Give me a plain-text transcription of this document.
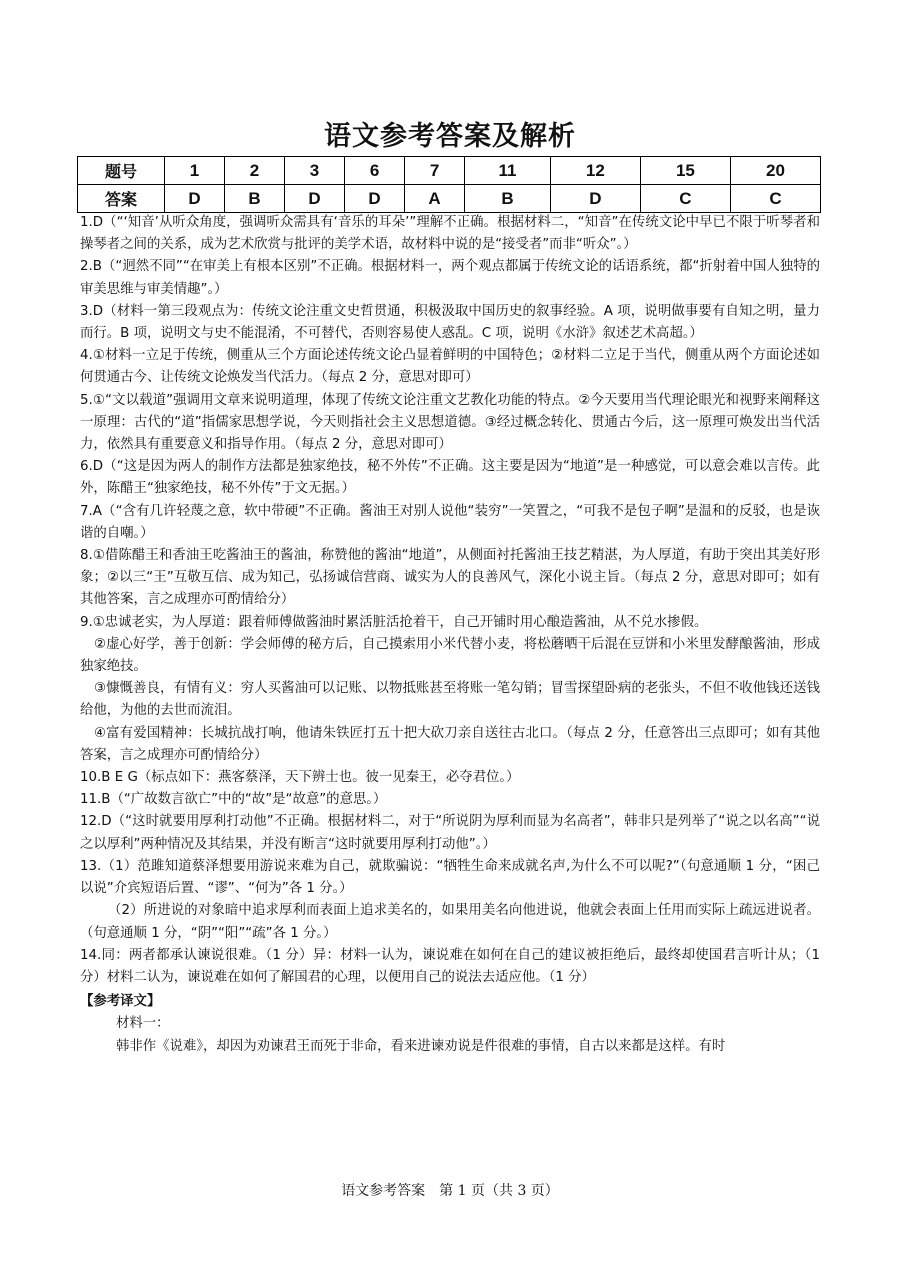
语文参考答案及解析
题号	1	2	3	6	7	11	12	15	20
答案	D	B	D	D	A	B	D	C	C

1.D（“‘知音’从听众角度，强调听众需具有‘音乐的耳朵’”理解不正确。根据材料二，“知音”在传统文论中早已不限于听琴者和操琴者之间的关系，成为艺术欣赏与批评的美学术语，故材料中说的是“接受者”而非“听众”。）

2.B（“迥然不同”“在审美上有根本区别”不正确。根据材料一，两个观点都属于传统文论的话语系统，都“折射着中国人独特的审美思维与审美情趣”。）

3.D（材料一第三段观点为：传统文论注重文史哲贯通，积极汲取中国历史的叙事经验。A 项，说明做事要有自知之明，量力而行。B 项，说明文与史不能混淆，不可替代，否则容易使人惑乱。C 项，说明《水浒》叙述艺术高超。）

4.①材料一立足于传统，侧重从三个方面论述传统文论凸显着鲜明的中国特色；②材料二立足于当代，侧重从两个方面论述如何贯通古今、让传统文论焕发当代活力。（每点 2 分，意思对即可）

5.①“文以载道”强调用文章来说明道理，体现了传统文论注重文艺教化功能的特点。②今天要用当代理论眼光和视野来阐释这一原理：古代的“道”指儒家思想学说，今天则指社会主义思想道德。③经过概念转化、贯通古今后，这一原理可焕发出当代活力，依然具有重要意义和指导作用。（每点 2 分，意思对即可）

6.D（“这是因为两人的制作方法都是独家绝技，秘不外传”不正确。这主要是因为“地道”是一种感觉，可以意会难以言传。此外，陈醋王“独家绝技，秘不外传”于文无据。）

7.A（“含有几许轻蔑之意，软中带硬”不正确。酱油王对别人说他“装穷”一笑置之，“可我不是包子啊”是温和的反驳，也是诙谐的自嘲。）

8.①借陈醋王和香油王吃酱油王的酱油，称赞他的酱油“地道”，从侧面衬托酱油王技艺精湛，为人厚道，有助于突出其美好形象；②以三“王”互敬互信、成为知己，弘扬诚信营商、诚实为人的良善风气，深化小说主旨。（每点 2 分，意思对即可；如有其他答案，言之成理亦可酌情给分）

9.①忠诚老实，为人厚道：跟着师傅做酱油时累活脏活抢着干，自己开铺时用心酿造酱油，从不兑水掺假。

②虚心好学，善于创新：学会师傅的秘方后，自己摸索用小米代替小麦，将松蘑晒干后混在豆饼和小米里发酵酿酱油，形成独家绝技。

③慷慨善良，有情有义：穷人买酱油可以记账、以物抵账甚至将账一笔勾销；冒雪探望卧病的老张头，不但不收他钱还送钱给他，为他的去世而流泪。

④富有爱国精神：长城抗战打响，他请朱铁匠打五十把大砍刀亲自送往古北口。（每点 2 分，任意答出三点即可；如有其他答案，言之成理亦可酌情给分）

10.B E G（标点如下：燕客蔡泽，天下辨士也。彼一见秦王，必夺君位。）

11.B（“广故数言欲亡”中的“故”是“故意”的意思。）

12.D（“这时就要用厚利打动他”不正确。根据材料二，对于“所说阴为厚利而显为名高者”，韩非只是列举了“说之以名高”“说之以厚利”两种情况及其结果，并没有断言“这时就要用厚利打动他”。）

13.（1）范雎知道蔡泽想要用游说来难为自己，就欺骗说：“牺牲生命来成就名声,为什么不可以呢?”（句意通顺 1 分，“困己以说”介宾短语后置、“谬”、“何为”各 1 分。）

（2）所进说的对象暗中追求厚利而表面上追求美名的，如果用美名向他进说，他就会表面上任用而实际上疏远进说者。（句意通顺 1 分，“阴”“阳”“疏”各 1 分。）

14.同：两者都承认谏说很难。（1 分）异：材料一认为，谏说难在如何在自己的建议被拒绝后，最终却使国君言听计从；（1 分）材料二认为，谏说难在如何了解国君的心理，以便用自己的说法去适应他。（1 分）

【参考译文】

材料一：

韩非作《说难》，却因为劝谏君王而死于非命，看来进谏劝说是件很难的事情，自古以来都是这样。有时

语文参考答案　第 1 页（共 3 页）
